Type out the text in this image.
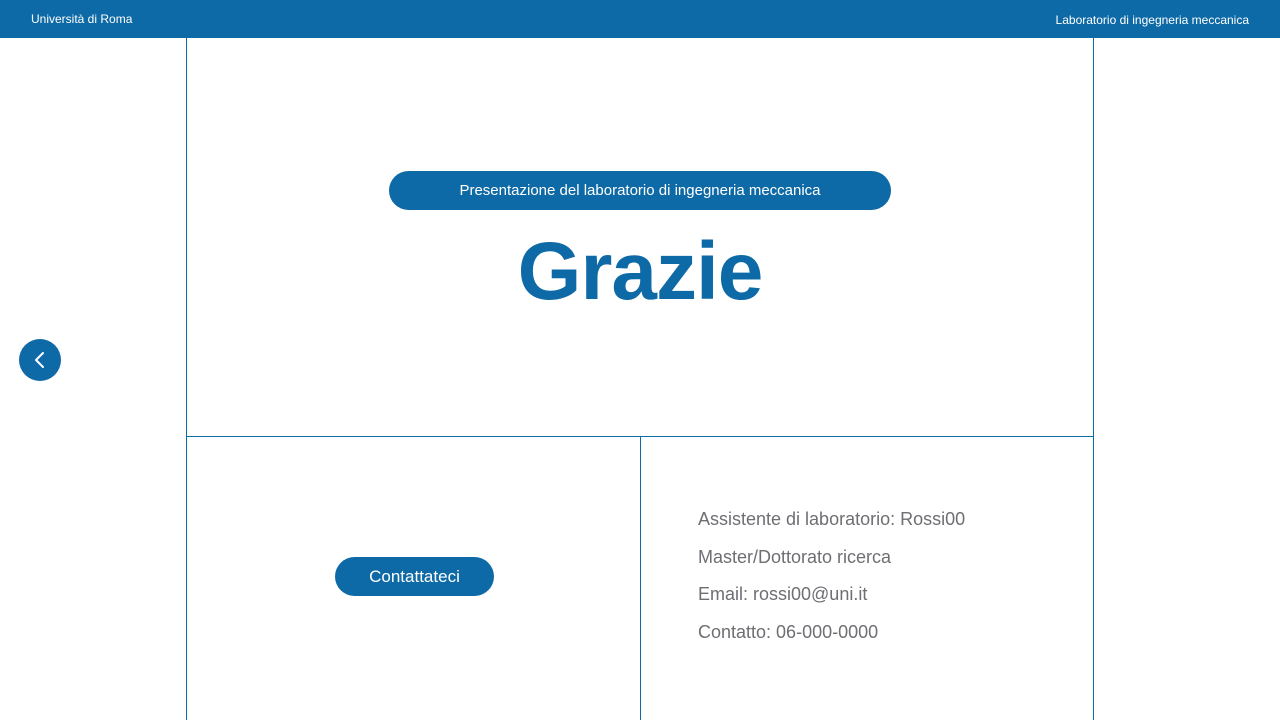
Università di Roma	Laboratorio di ingegneria meccanica
Presentazione del laboratorio di ingegneria meccanica
Grazie
Contattateci
Assistente di laboratorio: Rossi00
Master/Dottorato ricerca
Email: rossi00@uni.it
Contatto: 06-000-0000
